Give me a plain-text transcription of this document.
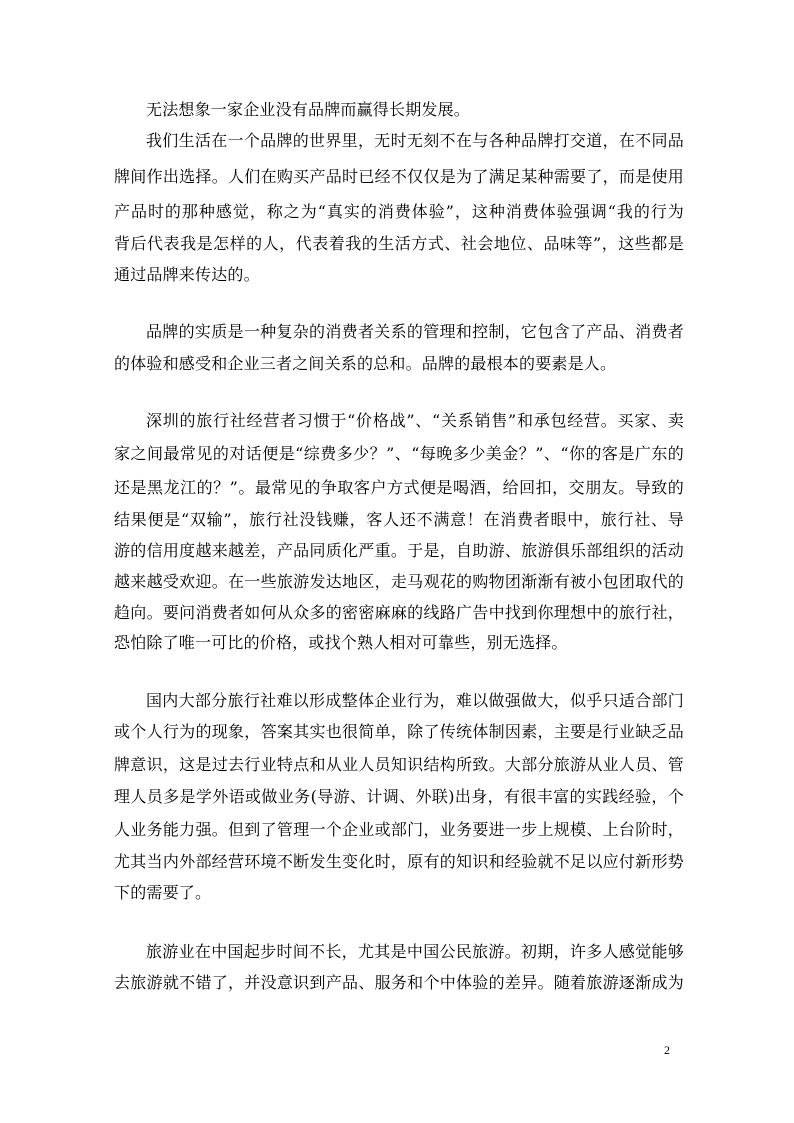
无法想象一家企业没有品牌而赢得长期发展。
我们生活在一个品牌的世界里，无时无刻不在与各种品牌打交道，在不同品
牌间作出选择。人们在购买产品时已经不仅仅是为了满足某种需要了，而是使用
产品时的那种感觉，称之为“真实的消费体验”，这种消费体验强调“我的行为
背后代表我是怎样的人，代表着我的生活方式、社会地位、品味等”，这些都是
通过品牌来传达的。
品牌的实质是一种复杂的消费者关系的管理和控制，它包含了产品、消费者
的体验和感受和企业三者之间关系的总和。品牌的最根本的要素是人。
深圳的旅行社经营者习惯于“价格战”、“关系销售”和承包经营。买家、卖
家之间最常见的对话便是“综费多少？”、“每晚多少美金？”、“你的客是广东的
还是黑龙江的？”。最常见的争取客户方式便是喝酒，给回扣，交朋友。导致的
结果便是“双输”，旅行社没钱赚，客人还不满意！在消费者眼中，旅行社、导
游的信用度越来越差，产品同质化严重。于是，自助游、旅游俱乐部组织的活动
越来越受欢迎。在一些旅游发达地区，走马观花的购物团渐渐有被小包团取代的
趋向。要问消费者如何从众多的密密麻麻的线路广告中找到你理想中的旅行社，
恐怕除了唯一可比的价格，或找个熟人相对可靠些，别无选择。
国内大部分旅行社难以形成整体企业行为，难以做强做大，似乎只适合部门
或个人行为的现象，答案其实也很简单，除了传统体制因素，主要是行业缺乏品
牌意识，这是过去行业特点和从业人员知识结构所致。大部分旅游从业人员、管
理人员多是学外语或做业务(导游、计调、外联)出身，有很丰富的实践经验，个
人业务能力强。但到了管理一个企业或部门，业务要进一步上规模、上台阶时，
尤其当内外部经营环境不断发生变化时，原有的知识和经验就不足以应付新形势
下的需要了。
旅游业在中国起步时间不长，尤其是中国公民旅游。初期，许多人感觉能够
去旅游就不错了，并没意识到产品、服务和个中体验的差异。随着旅游逐渐成为
2
